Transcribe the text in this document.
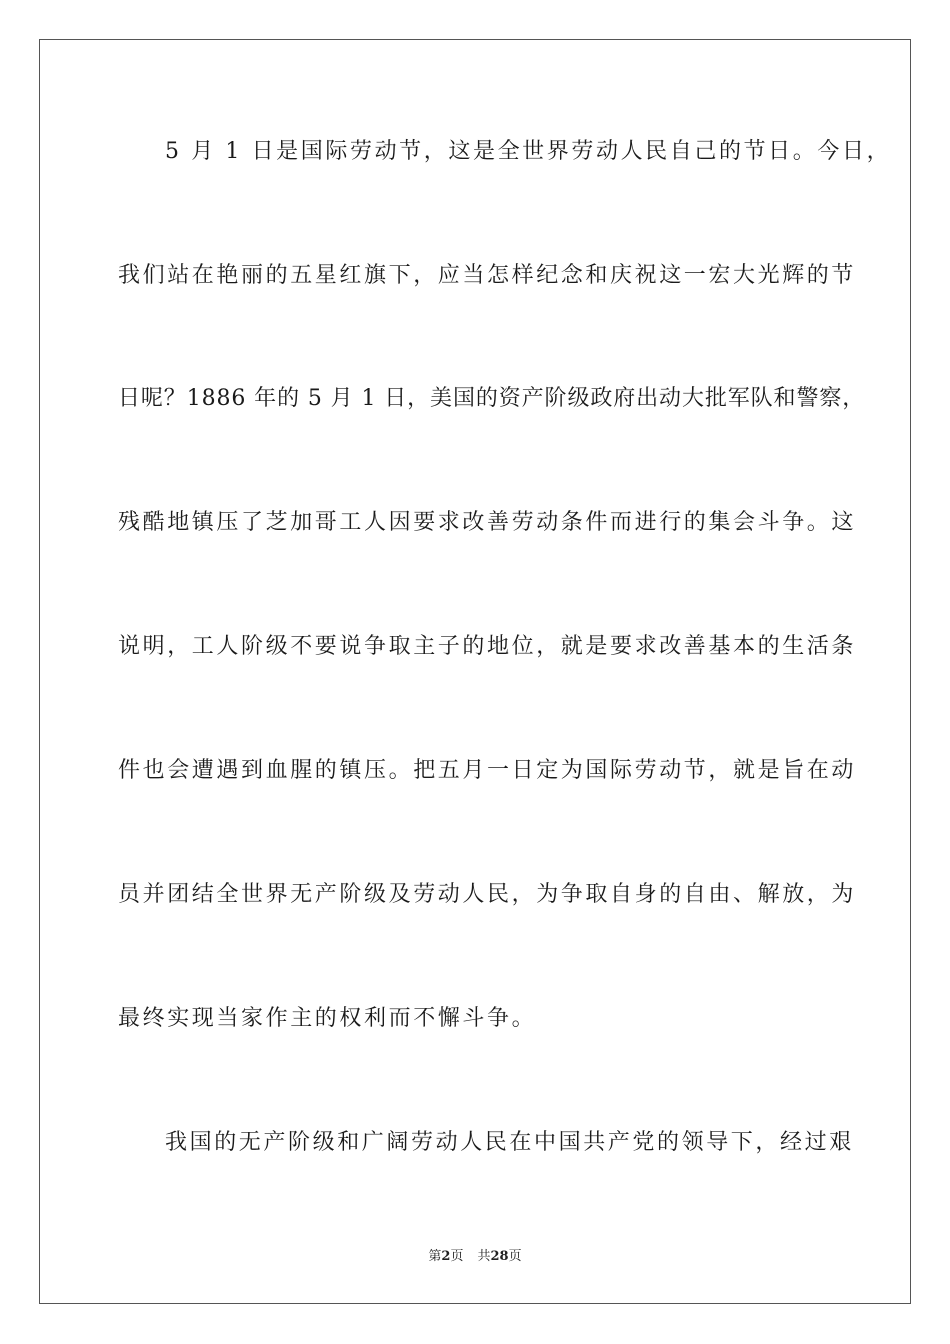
5 月 1 日是国际劳动节，这是全世界劳动人民自己的节日。今日，
我们站在艳丽的五星红旗下，应当怎样纪念和庆祝这一宏大光辉的节
日呢？1886 年的 5 月 1 日，美国的资产阶级政府出动大批军队和警察，
残酷地镇压了芝加哥工人因要求改善劳动条件而进行的集会斗争。这
说明，工人阶级不要说争取主子的地位，就是要求改善基本的生活条
件也会遭遇到血腥的镇压。把五月一日定为国际劳动节，就是旨在动
员并团结全世界无产阶级及劳动人民，为争取自身的自由、解放，为
最终实现当家作主的权利而不懈斗争。
我国的无产阶级和广阔劳动人民在中国共产党的领导下，经过艰
第2页 共28页
